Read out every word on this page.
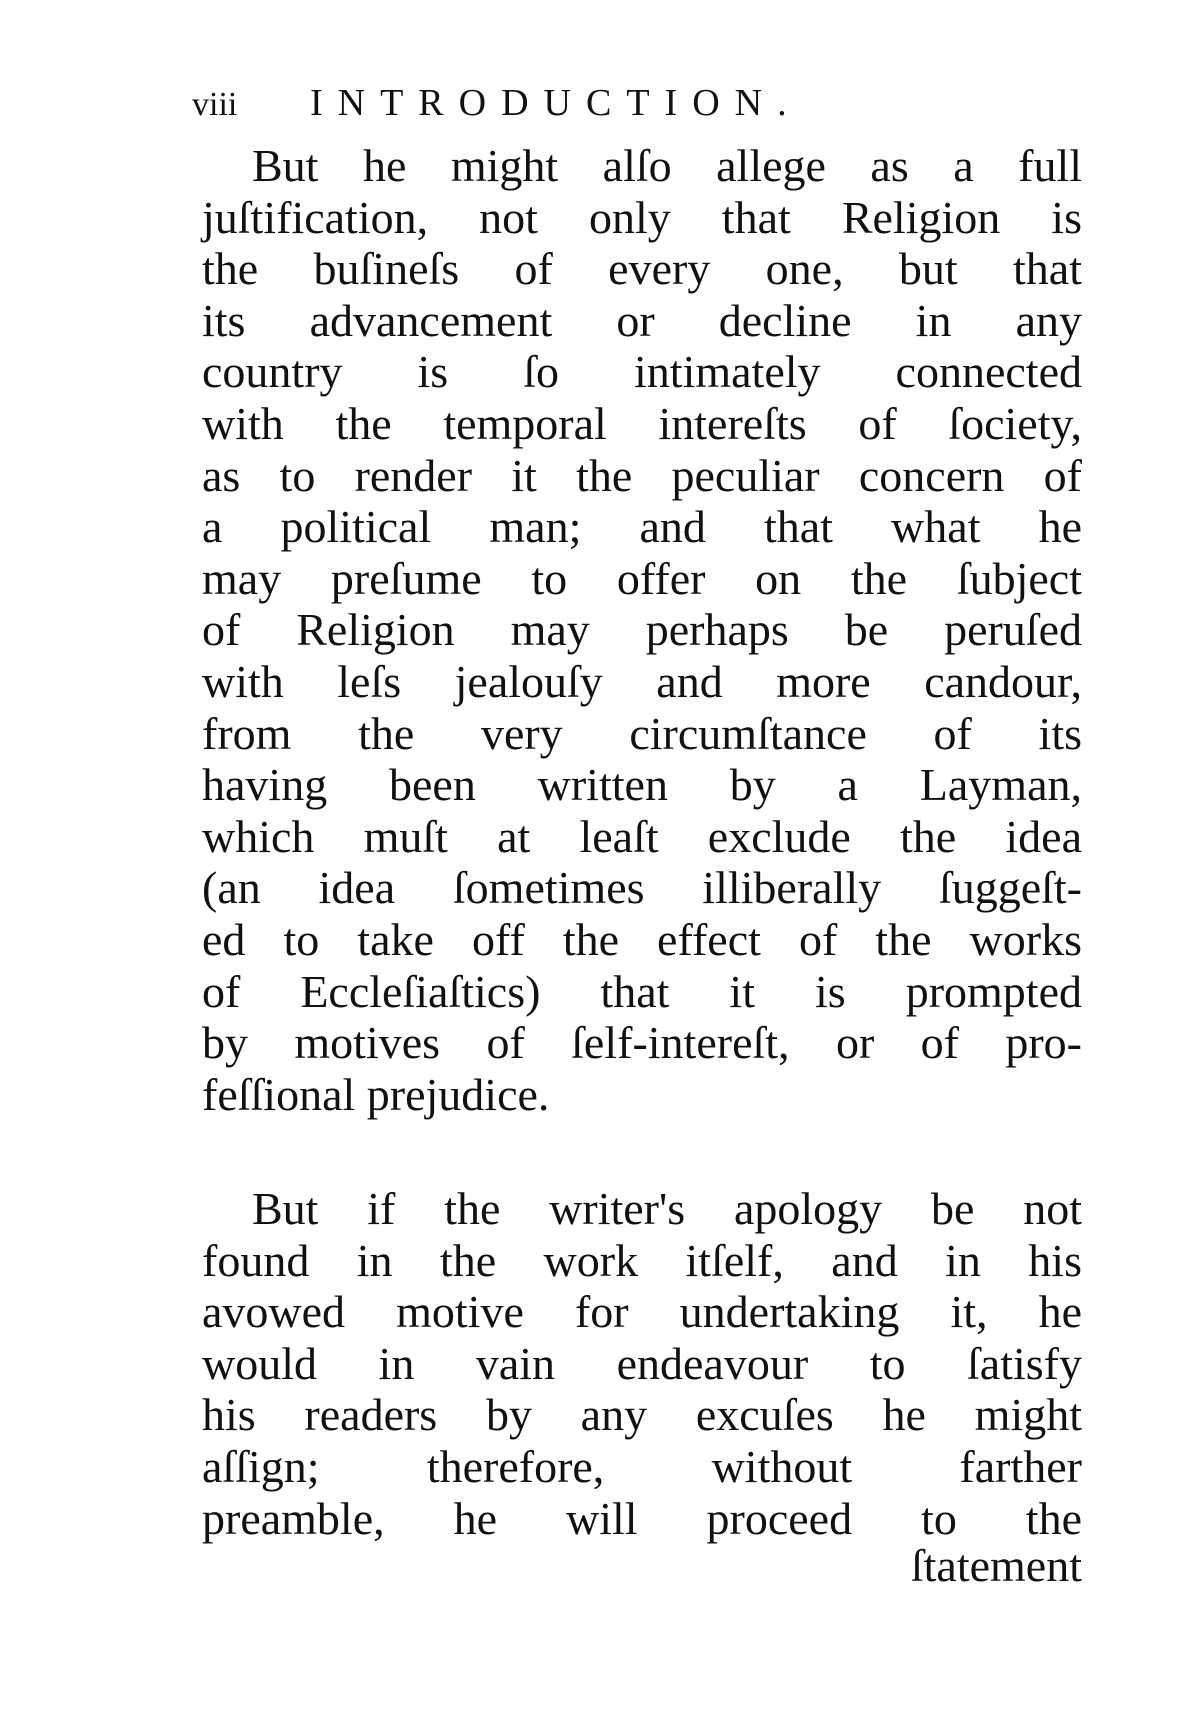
viii INTRODUCTION.
But he might alſo allege as a full
juſtification, not only that Religion is
the buſineſs of every one, but that
its advancement or decline in any
country is ſo intimately connected
with the temporal intereſts of ſociety,
as to render it the peculiar concern of
a political man; and that what he
may preſume to offer on the ſubject
of Religion may perhaps be peruſed
with leſs jealouſy and more candour,
from the very circumſtance of its
having been written by a Layman,
which muſt at leaſt exclude the idea
(an idea ſometimes illiberally ſuggeſt-
ed to take off the effect of the works
of Eccleſiaſtics) that it is prompted
by motives of ſelf-intereſt, or of pro-
feſſional prejudice.
But if the writer's apology be not
found in the work itſelf, and in his
avowed motive for undertaking it, he
would in vain endeavour to ſatisfy
his readers by any excuſes he might
aſſign; therefore, without farther
preamble, he will proceed to the
ſtatement
